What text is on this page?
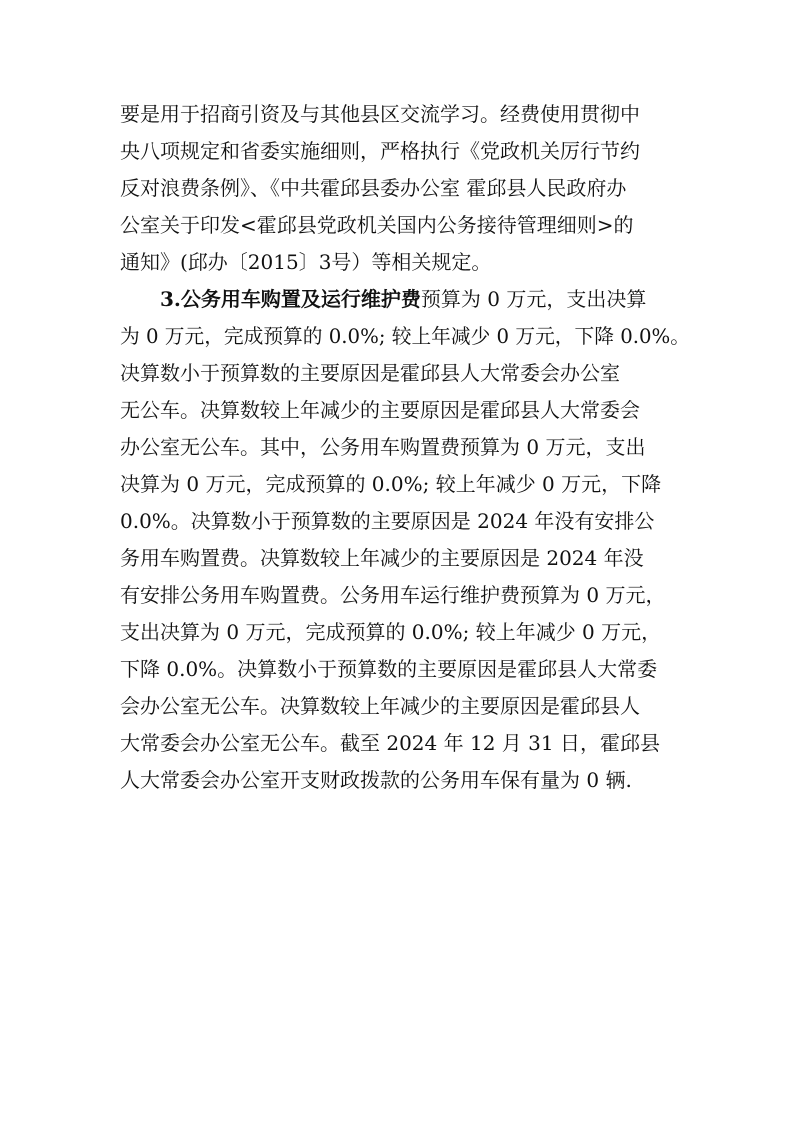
要是用于招商引资及与其他县区交流学习。经费使用贯彻中
央八项规定和省委实施细则，严格执行《党政机关厉行节约
反对浪费条例》、《中共霍邱县委办公室 霍邱县人民政府办
公室关于印发<霍邱县党政机关国内公务接待管理细则>的
通知》(邱办〔2015〕3号）等相关规定。
3.公务用车购置及运行维护费 预算为 0 万元，支出决算
为 0 万元，完成预算的 0.0%; 较上年减少 0 万元，下降 0.0%。
决算数小于预算数的主要原因是霍邱县人大常委会办公室
无公车。决算数较上年减少的主要原因是霍邱县人大常委会
办公室无公车。其中，公务用车购置费预算为 0 万元，支出
决算为 0 万元，完成预算的 0.0%; 较上年减少 0 万元，下降
0.0%。决算数小于预算数的主要原因是 2024 年没有安排公
务用车购置费。决算数较上年减少的主要原因是 2024 年没
有安排公务用车购置费。公务用车运行维护费预算为 0 万元，
支出决算为 0 万元，完成预算的 0.0%; 较上年减少 0 万元，
下降 0.0%。决算数小于预算数的主要原因是霍邱县人大常委
会办公室无公车。决算数较上年减少的主要原因是霍邱县人
大常委会办公室无公车。截至 2024 年 12 月 31 日，霍邱县
人大常委会办公室开支财政拨款的公务用车保有量为 0 辆.
